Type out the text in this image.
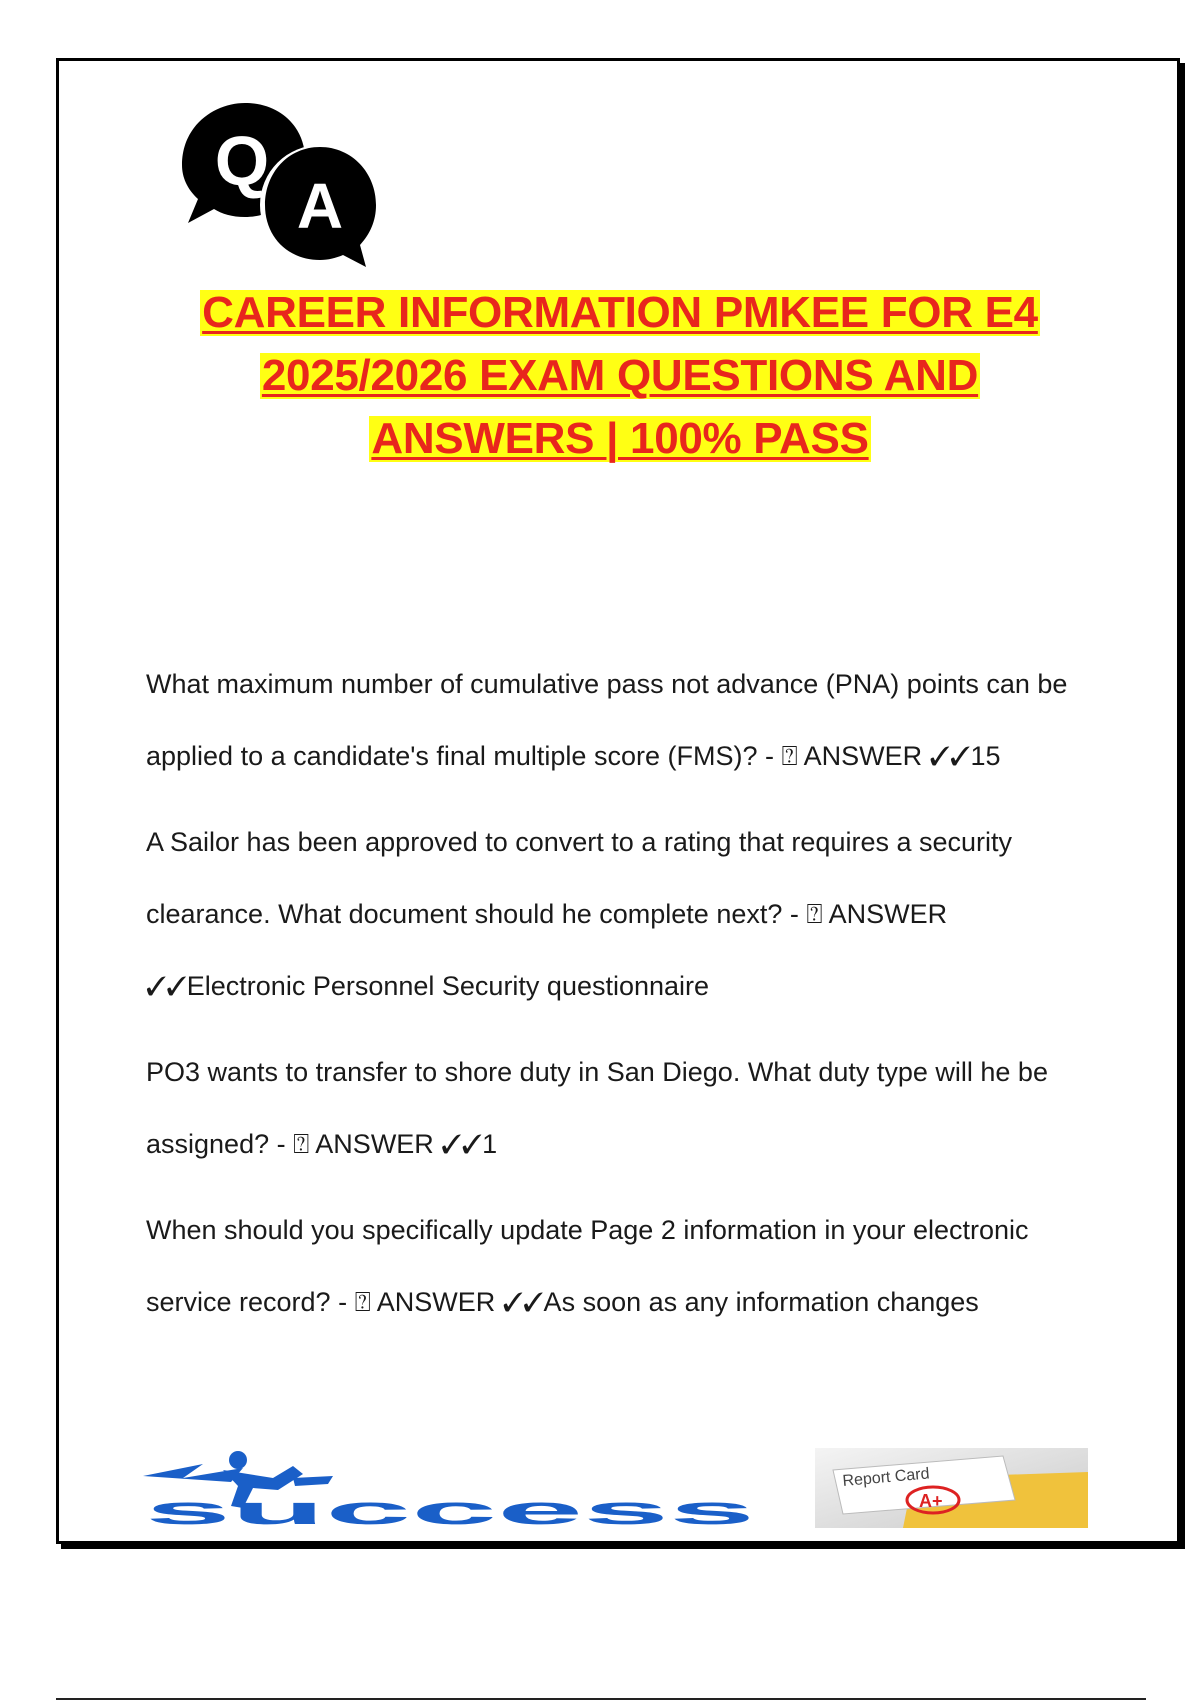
Q
A
CAREER INFORMATION PMKEE FOR E4
2025/2026 EXAM QUESTIONS AND
ANSWERS | 100% PASS
What maximum number of cumulative pass not advance (PNA) points can be applied to a candidate's final multiple score (FMS)? - ⍰ ANSWER ✓✓15
A Sailor has been approved to convert to a rating that requires a security clearance. What document should he complete next? - ⍰ ANSWER ✓✓Electronic Personnel Security questionnaire
PO3 wants to transfer to shore duty in San Diego. What duty type will he be assigned? - ⍰ ANSWER ✓✓1
When should you specifically update Page 2 information in your electronic service record? - ⍰ ANSWER ✓✓As soon as any information changes
success
Report Card
A+
